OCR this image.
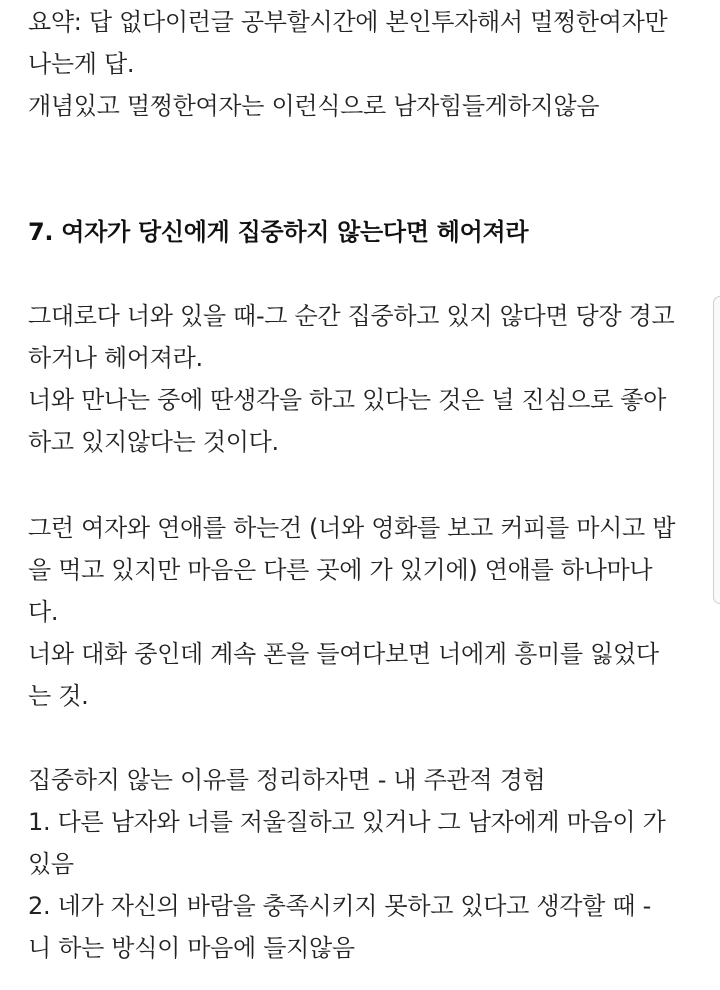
요약: 답 없다이런글 공부할시간에 본인투자해서 멀쩡한여자만
나는게 답.
개념있고 멀쩡한여자는 이런식으로 남자힘들게하지않음
7. 여자가 당신에게 집중하지 않는다면 헤어져라
그대로다 너와 있을 때-그 순간 집중하고 있지 않다면 당장 경고
하거나 헤어져라.
너와 만나는 중에 딴생각을 하고 있다는 것은 널 진심으로 좋아
하고 있지않다는 것이다.
그런 여자와 연애를 하는건 (너와 영화를 보고 커피를 마시고 밥
을 먹고 있지만 마음은 다른 곳에 가 있기에) 연애를 하나마나
다.
너와 대화 중인데 계속 폰을 들여다보면 너에게 흥미를 잃었다
는 것.
집중하지 않는 이유를 정리하자면 - 내 주관적 경험
1. 다른 남자와 너를 저울질하고 있거나 그 남자에게 마음이 가
있음
2. 네가 자신의 바람을 충족시키지 못하고 있다고 생각할 때 -
니 하는 방식이 마음에 들지않음
